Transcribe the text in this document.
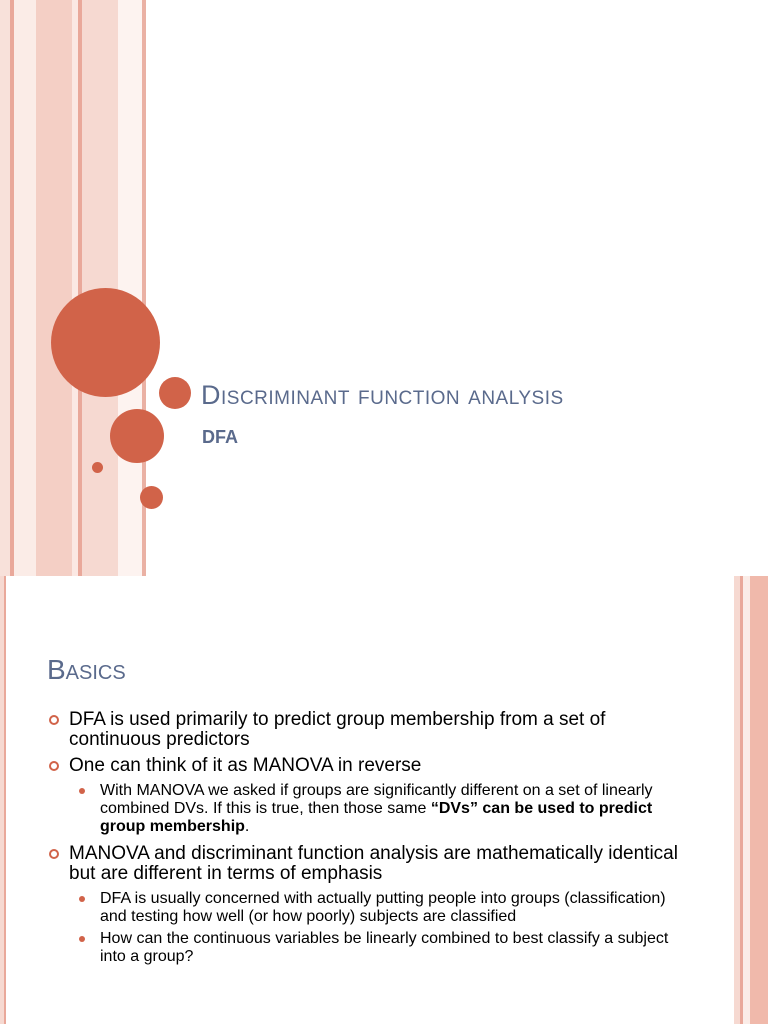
Discriminant function analysis
DFA
Basics
DFA is used primarily to predict group membership from a set of continuous predictors
One can think of it as MANOVA in reverse
With MANOVA we asked if groups are significantly different on a set of linearly combined DVs. If this is true, then those same “DVs” can be used to predict group membership.
MANOVA and discriminant function analysis are mathematically identical but are different in terms of emphasis
DFA is usually concerned with actually putting people into groups (classification) and testing how well (or how poorly) subjects are classified
How can the continuous variables be linearly combined to best classify a subject into a group?
